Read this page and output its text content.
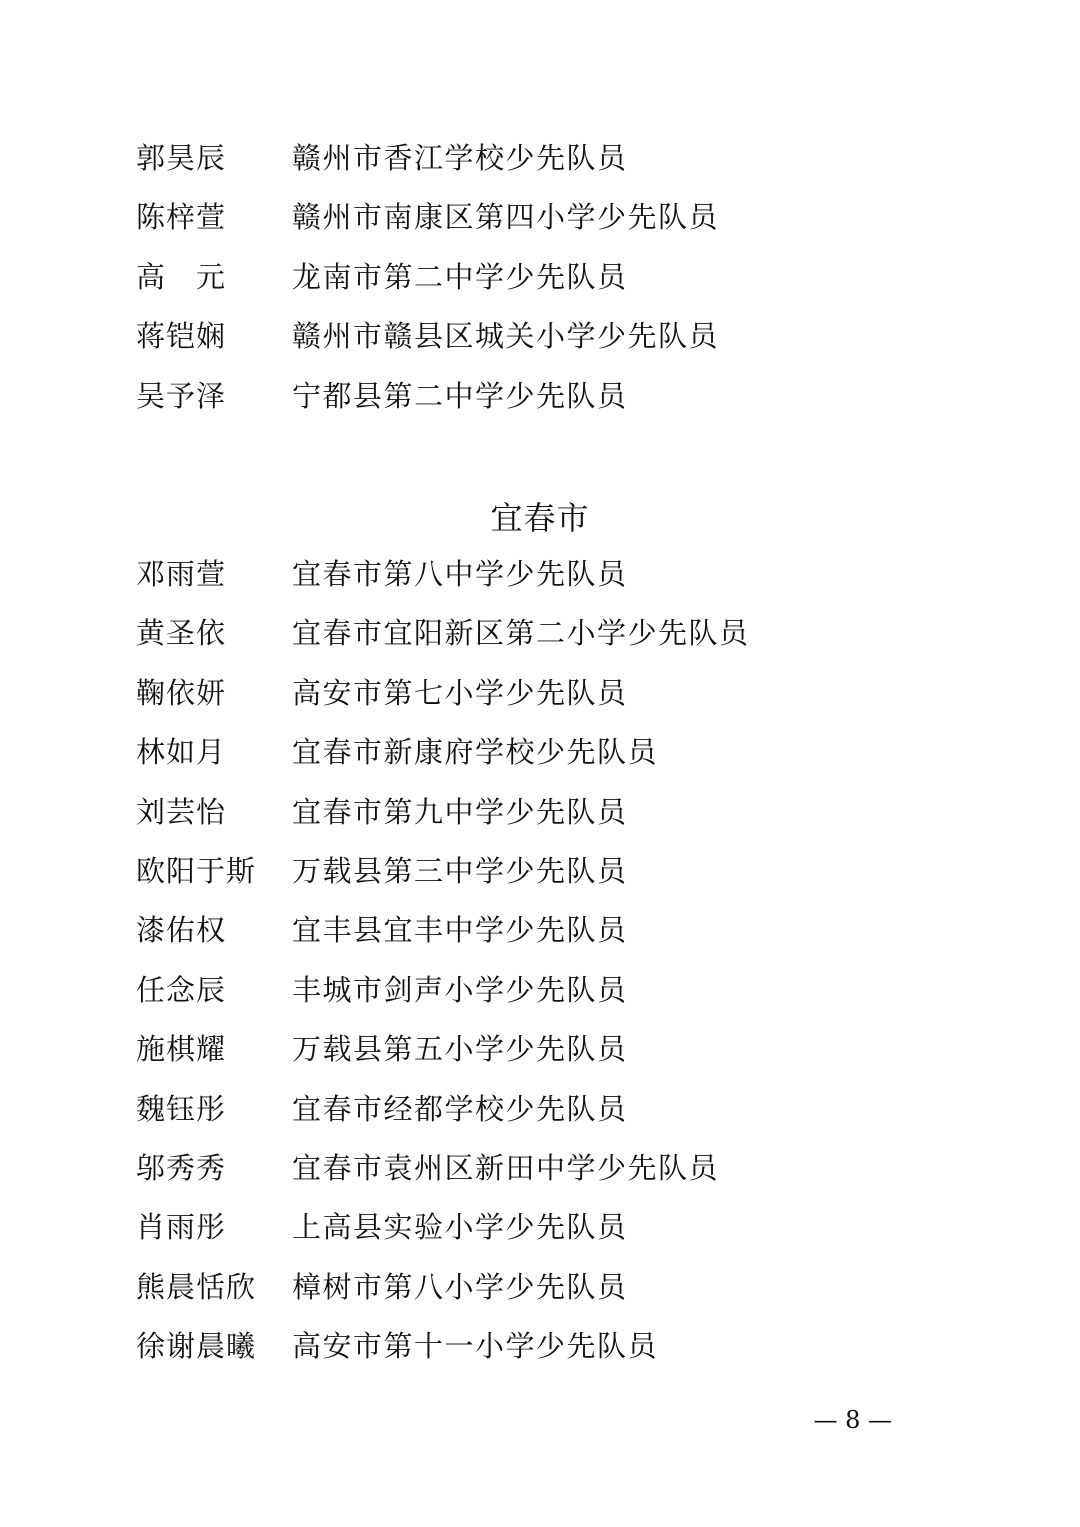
郭昊辰 赣州市香江学校少先队员
陈梓萱 赣州市南康区第四小学少先队员
高　元 龙南市第二中学少先队员
蒋铠娴 赣州市赣县区城关小学少先队员
吴予泽 宁都县第二中学少先队员
宜春市
邓雨萱 宜春市第八中学少先队员
黄圣依 宜春市宜阳新区第二小学少先队员
鞠依妍 高安市第七小学少先队员
林如月 宜春市新康府学校少先队员
刘芸怡 宜春市第九中学少先队员
欧阳于斯 万载县第三中学少先队员
漆佑权 宜丰县宜丰中学少先队员
任念辰 丰城市剑声小学少先队员
施棋耀 万载县第五小学少先队员
魏钰彤 宜春市经都学校少先队员
邬秀秀 宜春市袁州区新田中学少先队员
肖雨彤 上高县实验小学少先队员
熊晨恬欣 樟树市第八小学少先队员
徐谢晨曦 高安市第十一小学少先队员
— 8 —
